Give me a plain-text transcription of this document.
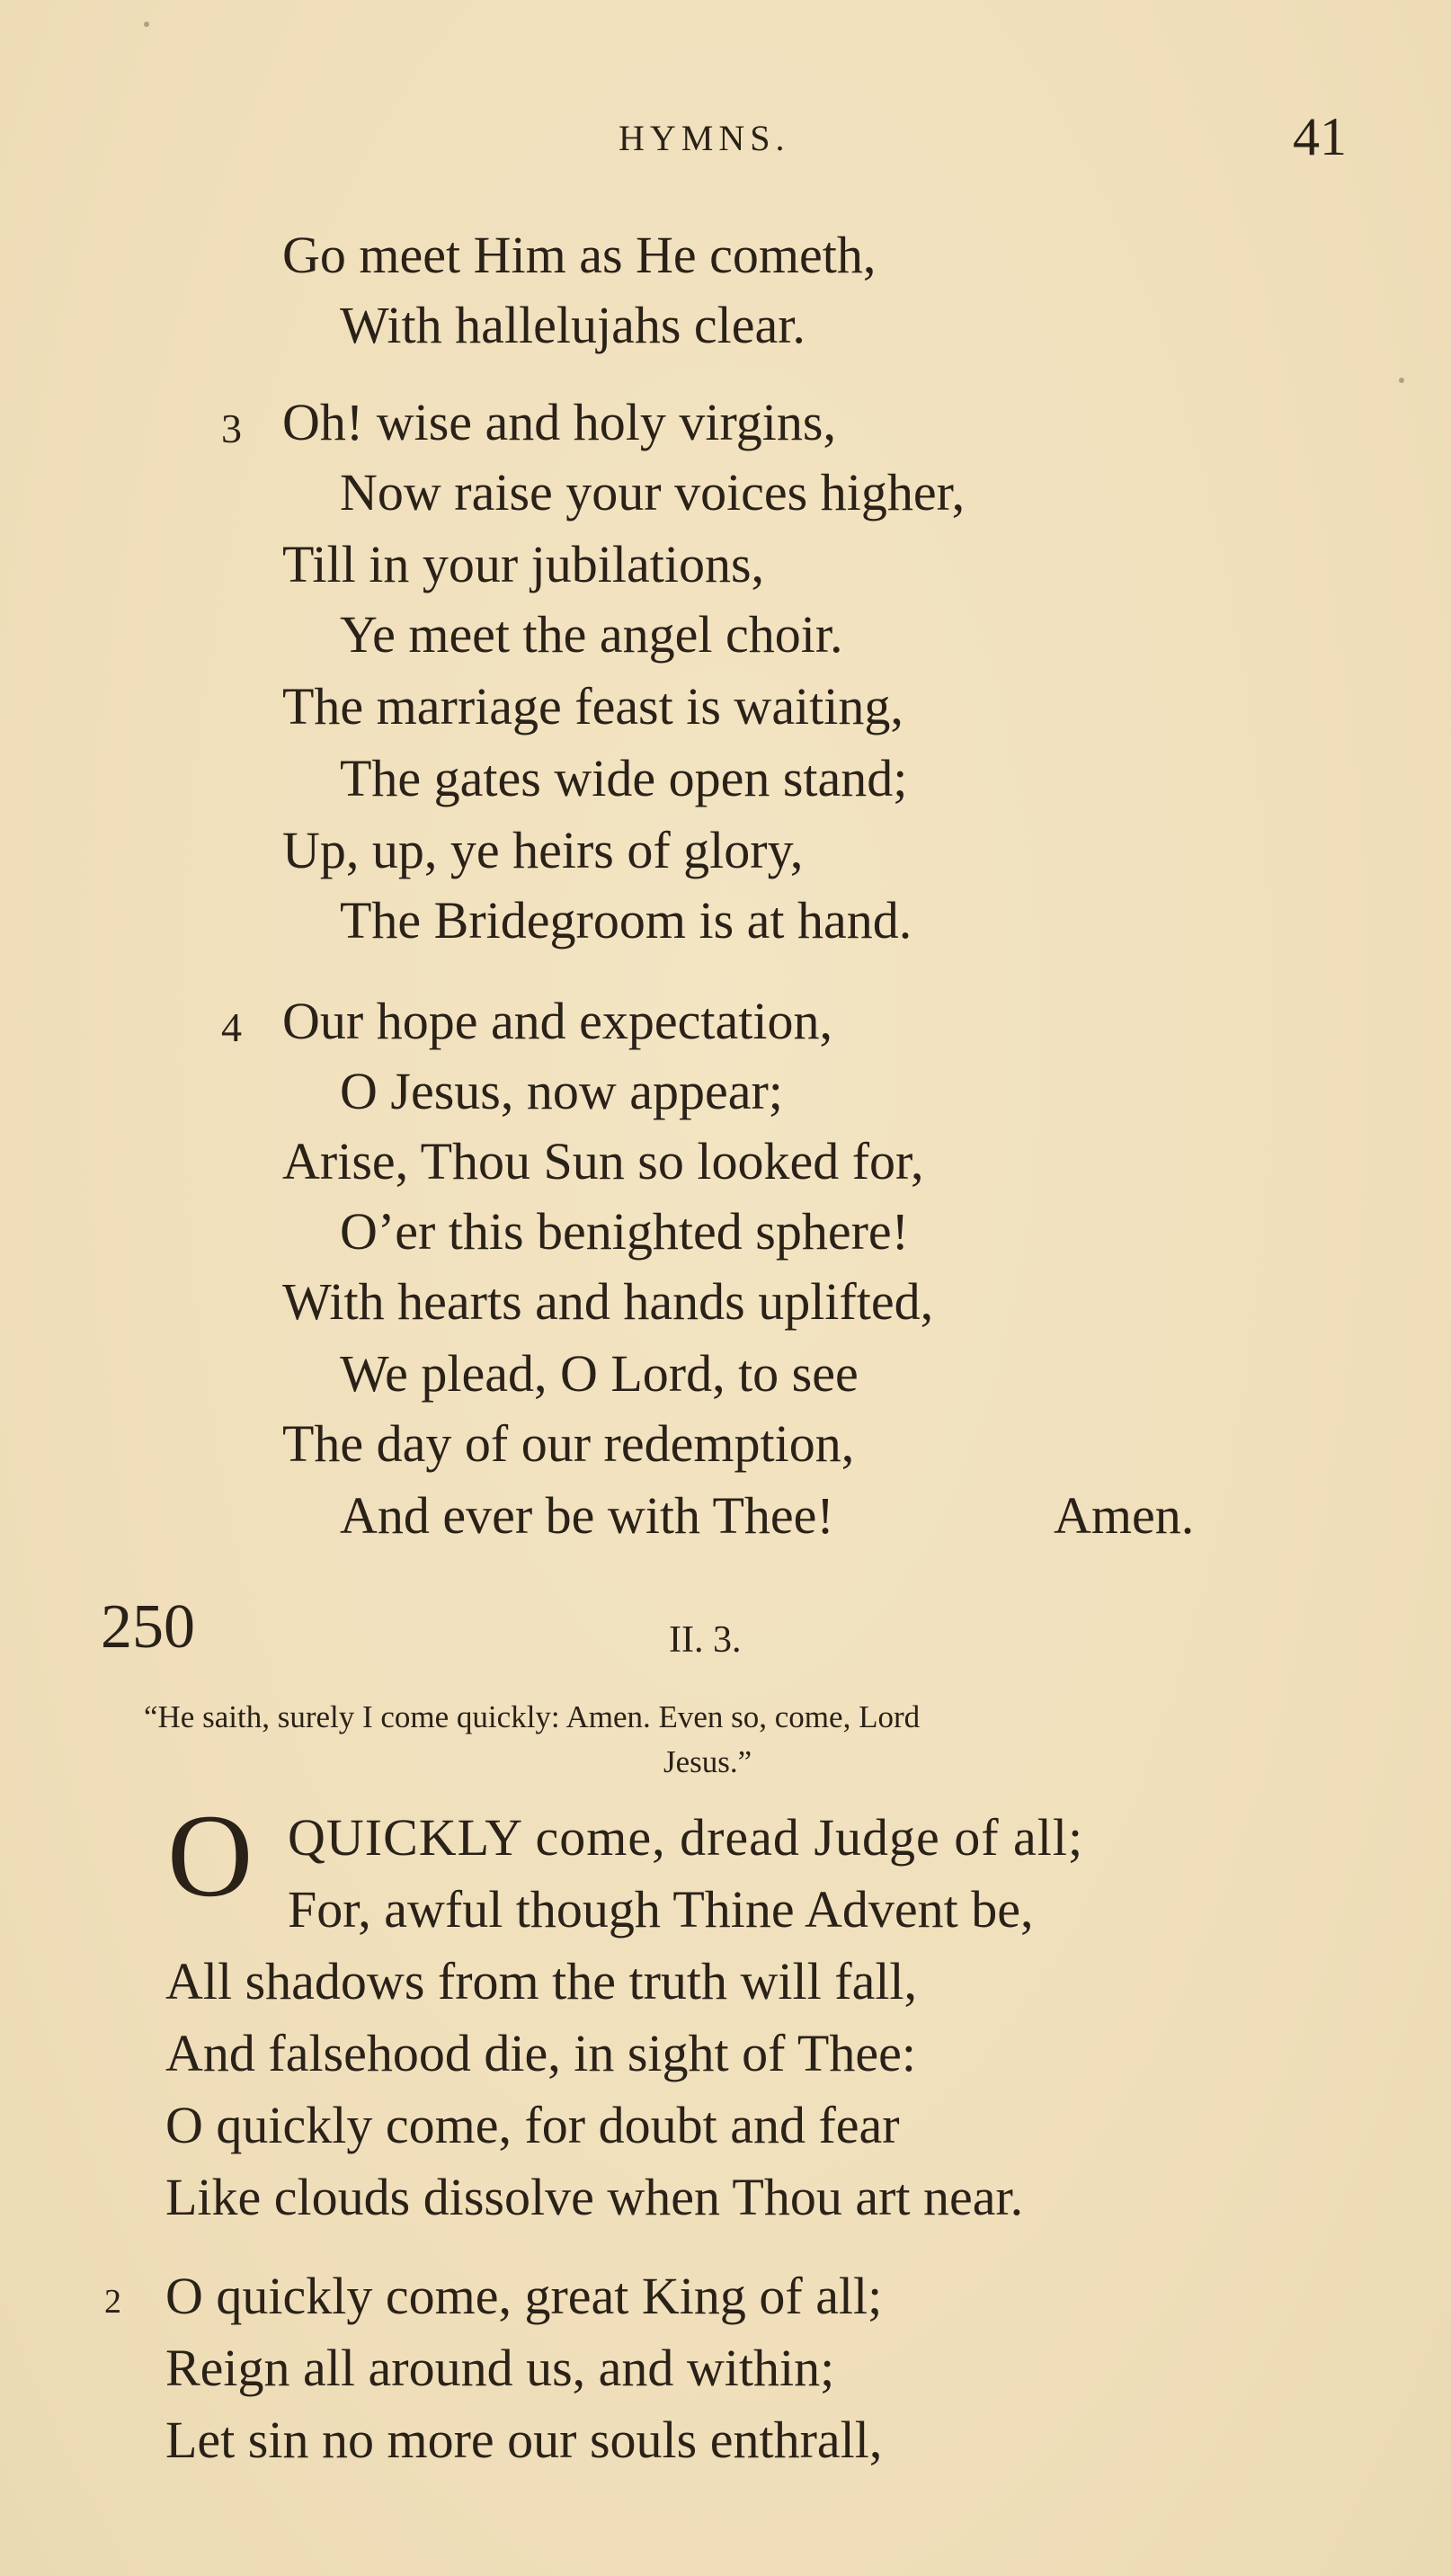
HYMNS.	41
Go meet Him as He cometh,
With hallelujahs clear.
3 Oh! wise and holy virgins,
Now raise your voices higher,
Till in your jubilations,
Ye meet the angel choir.
The marriage feast is waiting,
The gates wide open stand;
Up, up, ye heirs of glory,
The Bridegroom is at hand.
4 Our hope and expectation,
O Jesus, now appear;
Arise, Thou Sun so looked for,
O’er this benighted sphere!
With hearts and hands uplifted,
We plead, O Lord, to see
The day of our redemption,
And ever be with Thee!	Amen.
250	II. 3.
“He saith, surely I come quickly: Amen. Even so, come, Lord
Jesus.”
O QUICKLY come, dread Judge of all;
For, awful though Thine Advent be,
All shadows from the truth will fall,
And falsehood die, in sight of Thee:
O quickly come, for doubt and fear
Like clouds dissolve when Thou art near.
2 O quickly come, great King of all;
Reign all around us, and within;
Let sin no more our souls enthrall,
